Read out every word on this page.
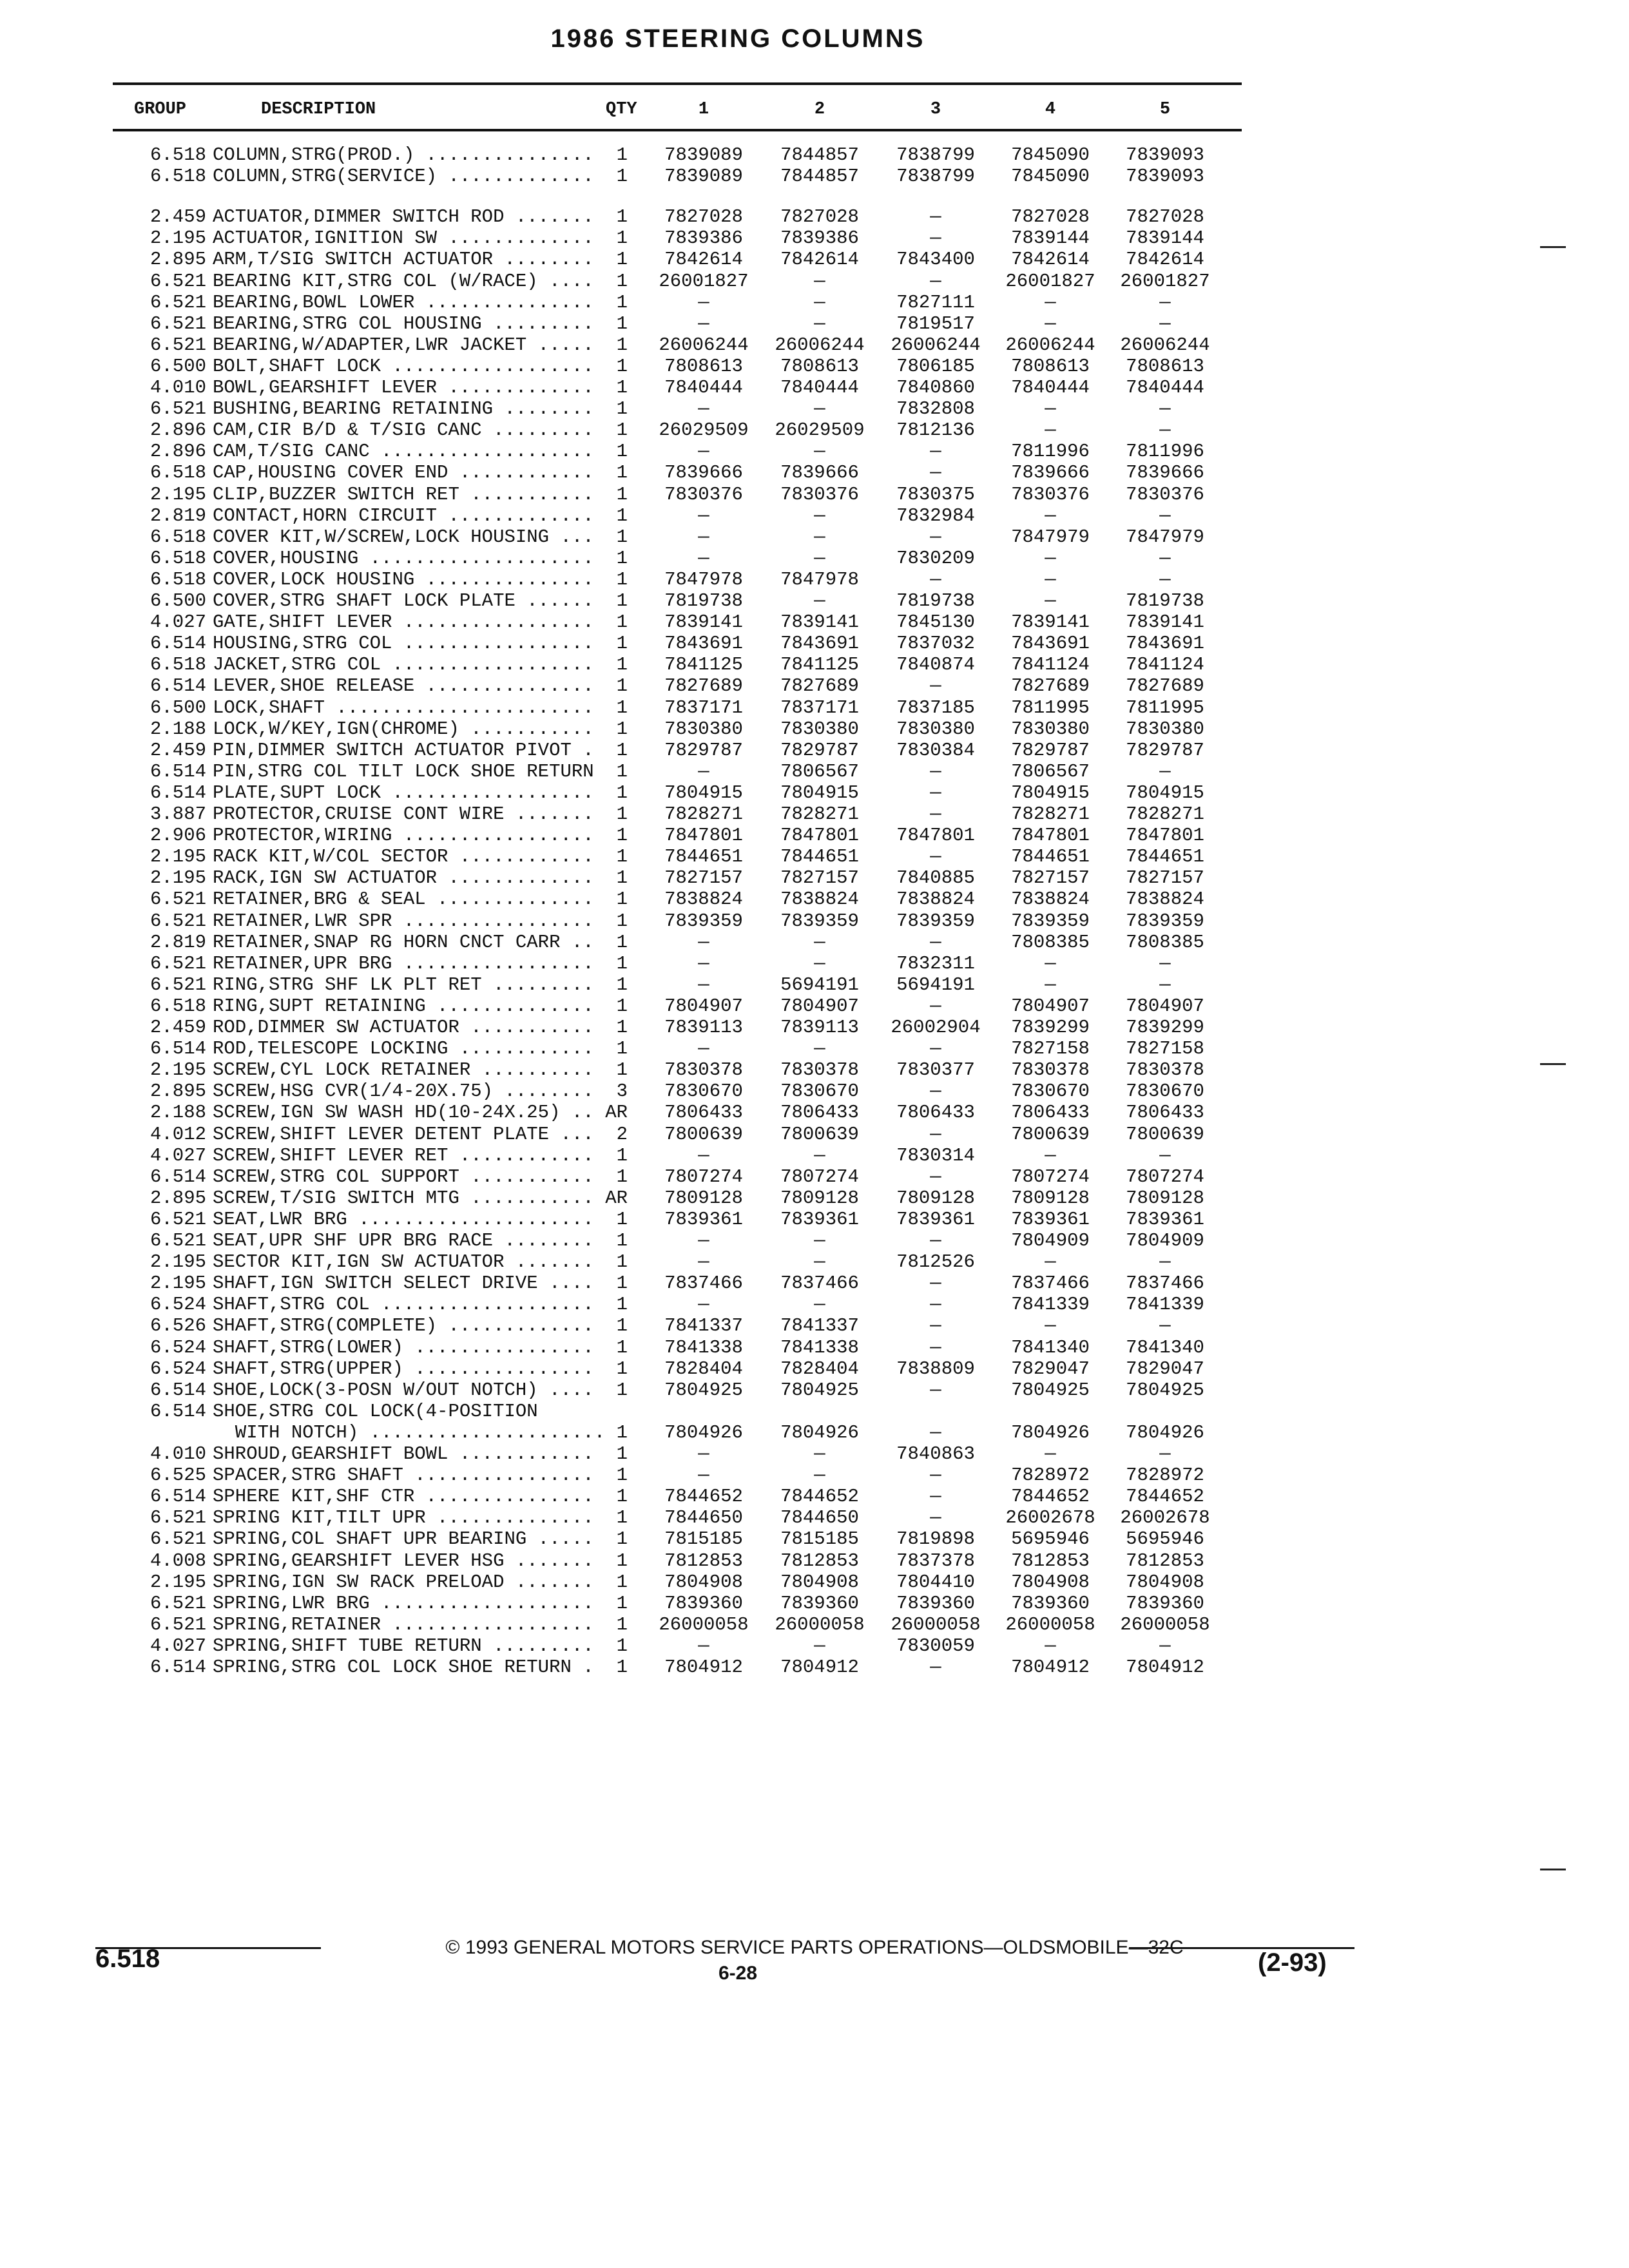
1986 STEERING COLUMNS
GROUP	DESCRIPTION	QTY	1	2	3	4	5
6.518 COLUMN,STRG(PROD.) ...............	1	7839089	7844857	7838799	7845090	7839093
6.518 COLUMN,STRG(SERVICE) .............	1	7839089	7844857	7838799	7845090	7839093
2.459 ACTUATOR,DIMMER SWITCH ROD .......	1	7827028	7827028	—	7827028	7827028
2.195 ACTUATOR,IGNITION SW .............	1	7839386	7839386	—	7839144	7839144
2.895 ARM,T/SIG SWITCH ACTUATOR ........	1	7842614	7842614	7843400	7842614	7842614
6.521 BEARING KIT,STRG COL (W/RACE) ....	1	26001827	—	—	26001827	26001827
6.521 BEARING,BOWL LOWER ...............	1	—	—	7827111	—	—
6.521 BEARING,STRG COL HOUSING .........	1	—	—	7819517	—	—
6.521 BEARING,W/ADAPTER,LWR JACKET .....	1	26006244	26006244	26006244	26006244	26006244
6.500 BOLT,SHAFT LOCK ..................	1	7808613	7808613	7806185	7808613	7808613
4.010 BOWL,GEARSHIFT LEVER .............	1	7840444	7840444	7840860	7840444	7840444
6.521 BUSHING,BEARING RETAINING ........	1	—	—	7832808	—	—
2.896 CAM,CIR B/D & T/SIG CANC .........	1	26029509	26029509	7812136	—	—
2.896 CAM,T/SIG CANC ...................	1	—	—	—	7811996	7811996
6.518 CAP,HOUSING COVER END ............	1	7839666	7839666	—	7839666	7839666
2.195 CLIP,BUZZER SWITCH RET ...........	1	7830376	7830376	7830375	7830376	7830376
2.819 CONTACT,HORN CIRCUIT .............	1	—	—	7832984	—	—
6.518 COVER KIT,W/SCREW,LOCK HOUSING ...	1	—	—	—	7847979	7847979
6.518 COVER,HOUSING ....................	1	—	—	7830209	—	—
6.518 COVER,LOCK HOUSING ...............	1	7847978	7847978	—	—	—
6.500 COVER,STRG SHAFT LOCK PLATE ......	1	7819738	—	7819738	—	7819738
4.027 GATE,SHIFT LEVER .................	1	7839141	7839141	7845130	7839141	7839141
6.514 HOUSING,STRG COL .................	1	7843691	7843691	7837032	7843691	7843691
6.518 JACKET,STRG COL ..................	1	7841125	7841125	7840874	7841124	7841124
6.514 LEVER,SHOE RELEASE ...............	1	7827689	7827689	—	7827689	7827689
6.500 LOCK,SHAFT .......................	1	7837171	7837171	7837185	7811995	7811995
2.188 LOCK,W/KEY,IGN(CHROME) ...........	1	7830380	7830380	7830380	7830380	7830380
2.459 PIN,DIMMER SWITCH ACTUATOR PIVOT .	1	7829787	7829787	7830384	7829787	7829787
6.514 PIN,STRG COL TILT LOCK SHOE RETURN	1	—	7806567	—	7806567	—
6.514 PLATE,SUPT LOCK ..................	1	7804915	7804915	—	7804915	7804915
3.887 PROTECTOR,CRUISE CONT WIRE .......	1	7828271	7828271	—	7828271	7828271
2.906 PROTECTOR,WIRING .................	1	7847801	7847801	7847801	7847801	7847801
2.195 RACK KIT,W/COL SECTOR ............	1	7844651	7844651	—	7844651	7844651
2.195 RACK,IGN SW ACTUATOR .............	1	7827157	7827157	7840885	7827157	7827157
6.521 RETAINER,BRG & SEAL ..............	1	7838824	7838824	7838824	7838824	7838824
6.521 RETAINER,LWR SPR .................	1	7839359	7839359	7839359	7839359	7839359
2.819 RETAINER,SNAP RG HORN CNCT CARR ..	1	—	—	—	7808385	7808385
6.521 RETAINER,UPR BRG .................	1	—	—	7832311	—	—
6.521 RING,STRG SHF LK PLT RET .........	1	—	5694191	5694191	—	—
6.518 RING,SUPT RETAINING ..............	1	7804907	7804907	—	7804907	7804907
2.459 ROD,DIMMER SW ACTUATOR ...........	1	7839113	7839113	26002904	7839299	7839299
6.514 ROD,TELESCOPE LOCKING ............	1	—	—	—	7827158	7827158
2.195 SCREW,CYL LOCK RETAINER ..........	1	7830378	7830378	7830377	7830378	7830378
2.895 SCREW,HSG CVR(1/4-20X.75) ........	3	7830670	7830670	—	7830670	7830670
2.188 SCREW,IGN SW WASH HD(10-24X.25) .. AR	7806433	7806433	7806433	7806433	7806433
4.012 SCREW,SHIFT LEVER DETENT PLATE ...	2	7800639	7800639	—	7800639	7800639
4.027 SCREW,SHIFT LEVER RET ............	1	—	—	7830314	—	—
6.514 SCREW,STRG COL SUPPORT ...........	1	7807274	7807274	—	7807274	7807274
2.895 SCREW,T/SIG SWITCH MTG ........... AR	7809128	7809128	7809128	7809128	7809128
6.521 SEAT,LWR BRG .....................	1	7839361	7839361	7839361	7839361	7839361
6.521 SEAT,UPR SHF UPR BRG RACE ........	1	—	—	—	7804909	7804909
2.195 SECTOR KIT,IGN SW ACTUATOR .......	1	—	—	7812526	—	—
2.195 SHAFT,IGN SWITCH SELECT DRIVE ....	1	7837466	7837466	—	7837466	7837466
6.524 SHAFT,STRG COL ...................	1	—	—	—	7841339	7841339
6.526 SHAFT,STRG(COMPLETE) .............	1	7841337	7841337	—	—	—
6.524 SHAFT,STRG(LOWER) ................	1	7841338	7841338	—	7841340	7841340
6.524 SHAFT,STRG(UPPER) ................	1	7828404	7828404	7838809	7829047	7829047
6.514 SHOE,LOCK(3-POSN W/OUT NOTCH) ....	1	7804925	7804925	—	7804925	7804925
6.514 SHOE,STRG COL LOCK(4-POSITION
WITH NOTCH) ..................... 1	7804926	7804926	—	7804926	7804926
4.010 SHROUD,GEARSHIFT BOWL ............	1	—	—	7840863	—	—
6.525 SPACER,STRG SHAFT ................	1	—	—	—	7828972	7828972
6.514 SPHERE KIT,SHF CTR ...............	1	7844652	7844652	—	7844652	7844652
6.521 SPRING KIT,TILT UPR ..............	1	7844650	7844650	—	26002678	26002678
6.521 SPRING,COL SHAFT UPR BEARING .....	1	7815185	7815185	7819898	5695946	5695946
4.008 SPRING,GEARSHIFT LEVER HSG .......	1	7812853	7812853	7837378	7812853	7812853
2.195 SPRING,IGN SW RACK PRELOAD .......	1	7804908	7804908	7804410	7804908	7804908
6.521 SPRING,LWR BRG ...................	1	7839360	7839360	7839360	7839360	7839360
6.521 SPRING,RETAINER ..................	1	26000058	26000058	26000058	26000058	26000058
4.027 SPRING,SHIFT TUBE RETURN .........	1	—	—	7830059	—	—
6.514 SPRING,STRG COL LOCK SHOE RETURN .	1	7804912	7804912	—	7804912	7804912
© 1993 GENERAL MOTORS SERVICE PARTS OPERATIONS—OLDSMOBILE—32C
6-28
6.518	(2-93)
